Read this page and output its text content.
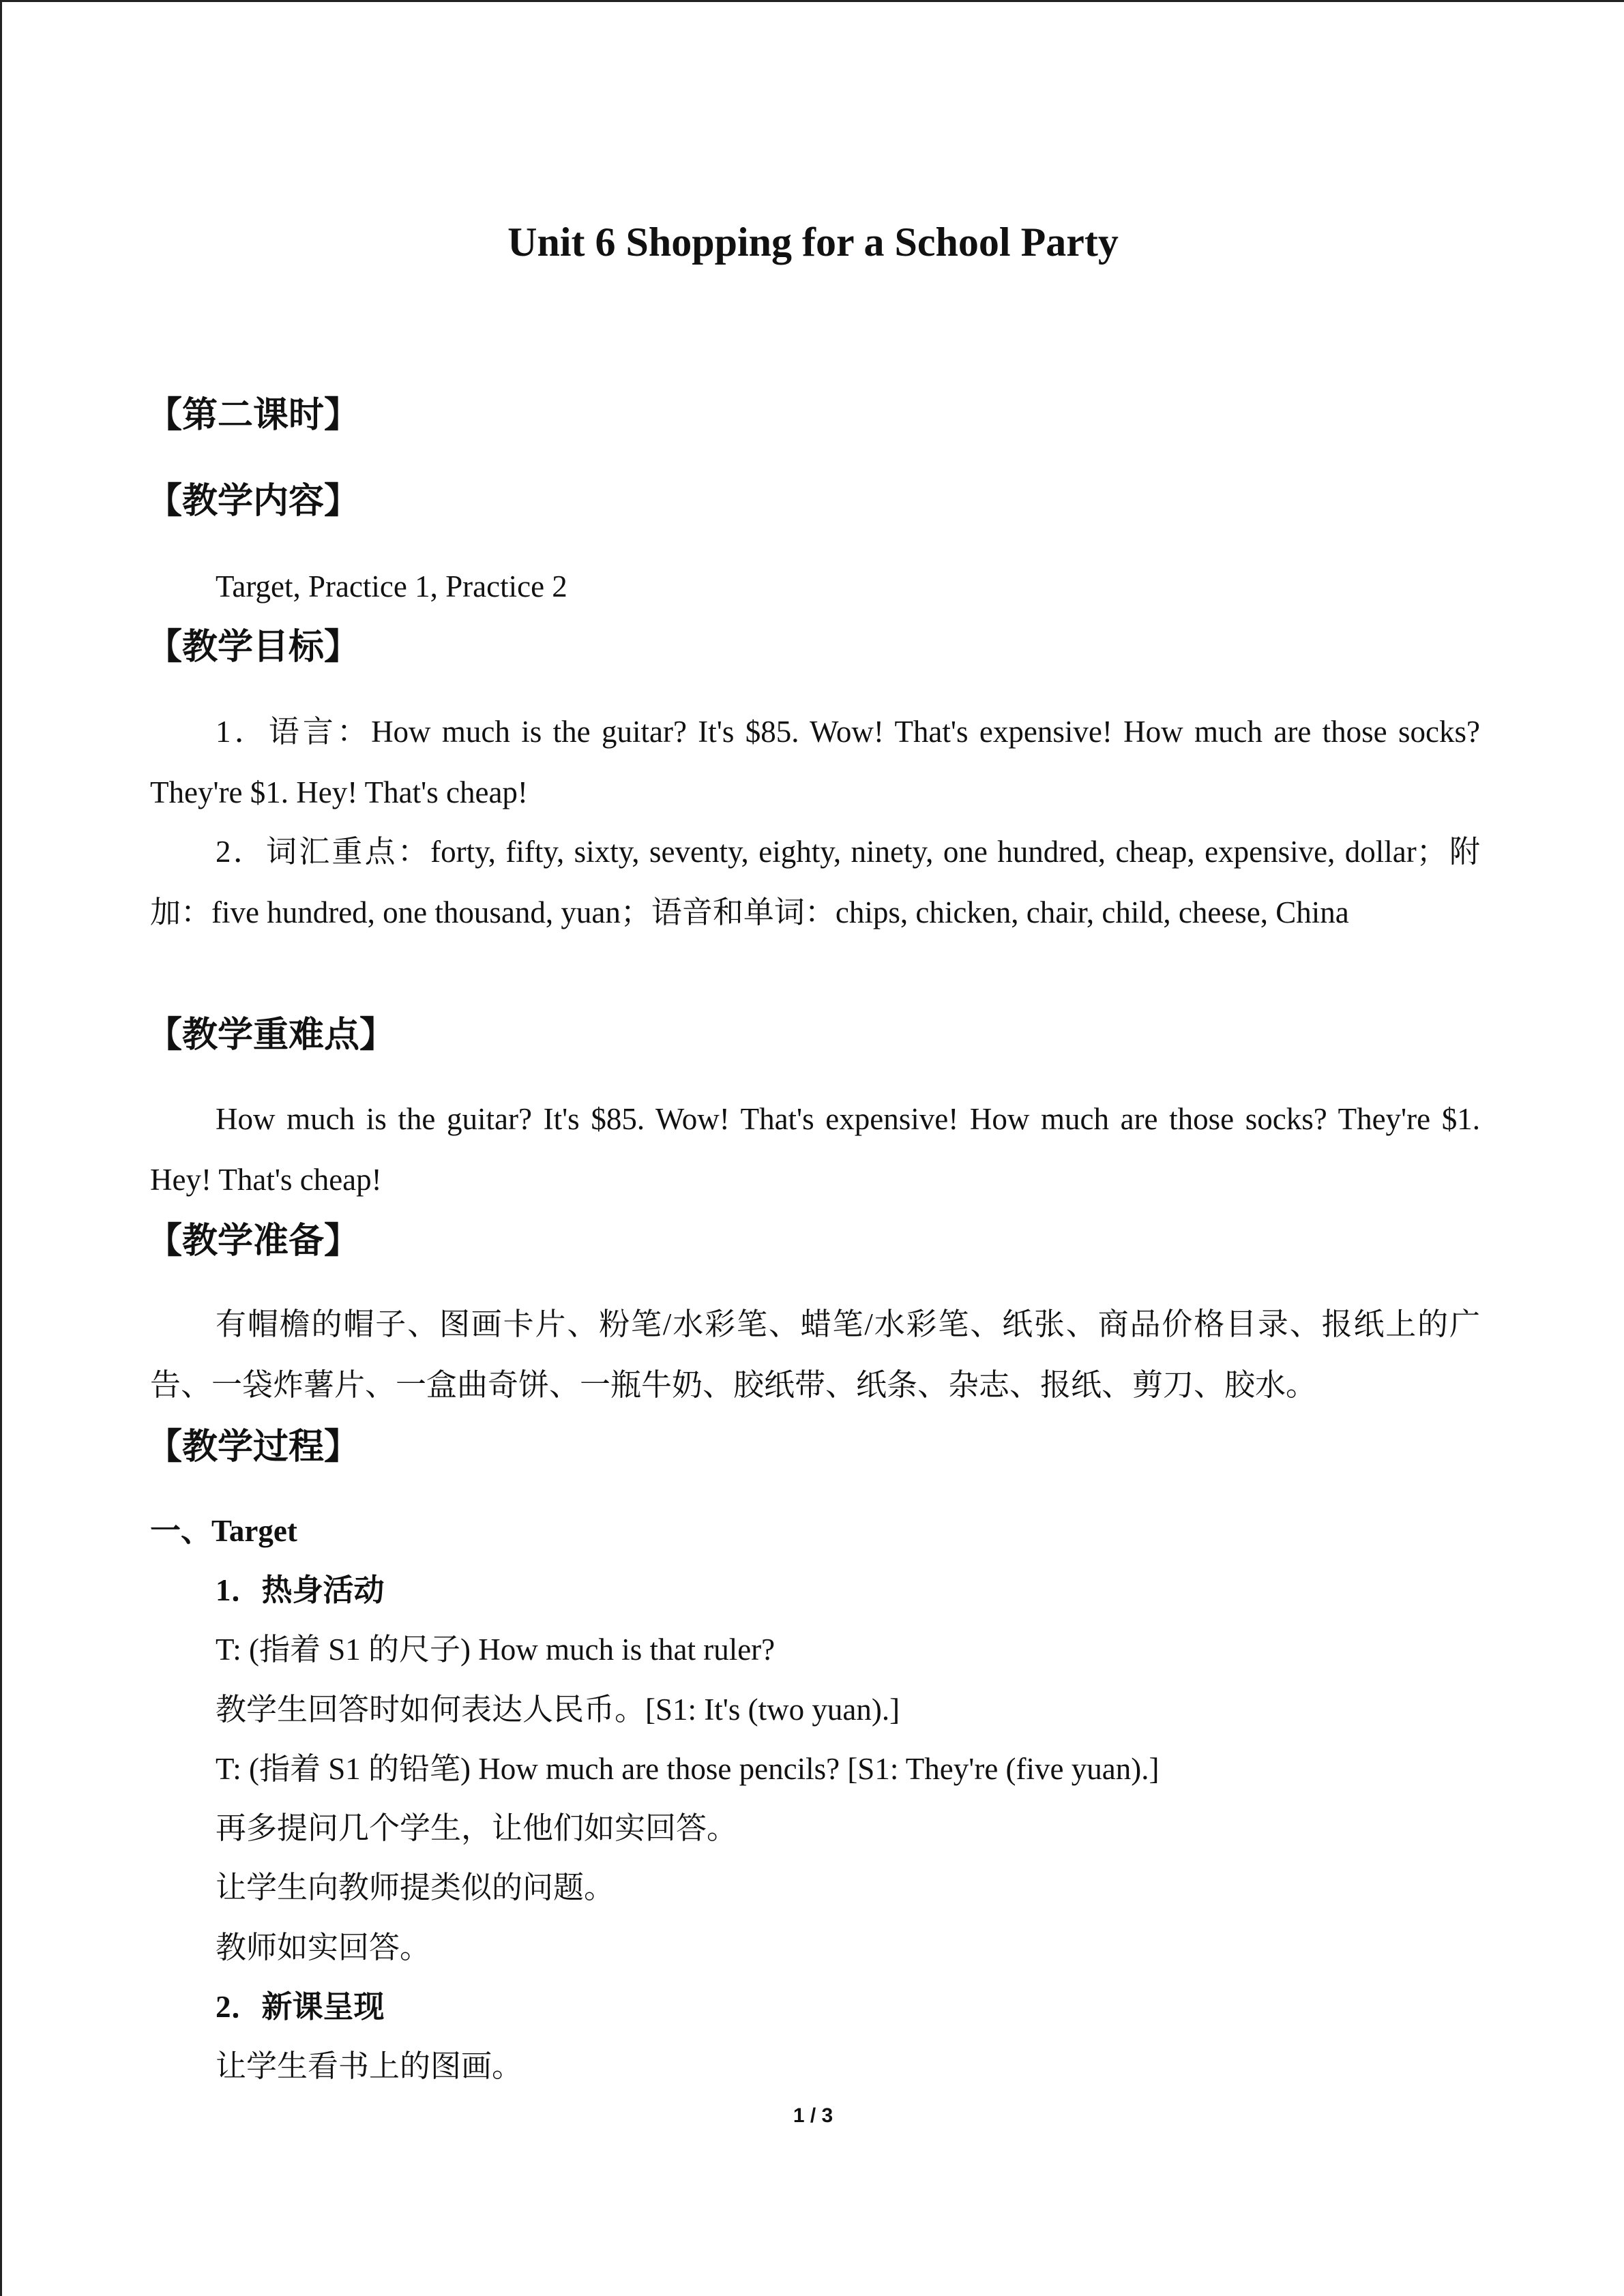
Unit 6 Shopping for a School Party
【第二课时】
【教学内容】
Target, Practice 1, Practice 2
【教学目标】
1．语言：How much is the guitar? It's $85. Wow! That's expensive! How much are those socks? They're $1. Hey! That's cheap!
2．词汇重点：forty, fifty, sixty, seventy, eighty, ninety, one hundred, cheap, expensive, dollar；附加：five hundred, one thousand, yuan；语音和单词：chips, chicken, chair, child, cheese, China
【教学重难点】
How much is the guitar? It's $85. Wow! That's expensive! How much are those socks? They're $1. Hey! That's cheap!
【教学准备】
有帽檐的帽子、图画卡片、粉笔/水彩笔、蜡笔/水彩笔、纸张、商品价格目录、报纸上的广告、一袋炸薯片、一盒曲奇饼、一瓶牛奶、胶纸带、纸条、杂志、报纸、剪刀、胶水。
【教学过程】
一、Target
1．热身活动
T: (指着 S1 的尺子) How much is that ruler?
教学生回答时如何表达人民币。[S1: It's (two yuan).]
T: (指着 S1 的铅笔) How much are those pencils? [S1: They're (five yuan).]
再多提问几个学生，让他们如实回答。
让学生向教师提类似的问题。
教师如实回答。
2．新课呈现
让学生看书上的图画。
1 / 3
